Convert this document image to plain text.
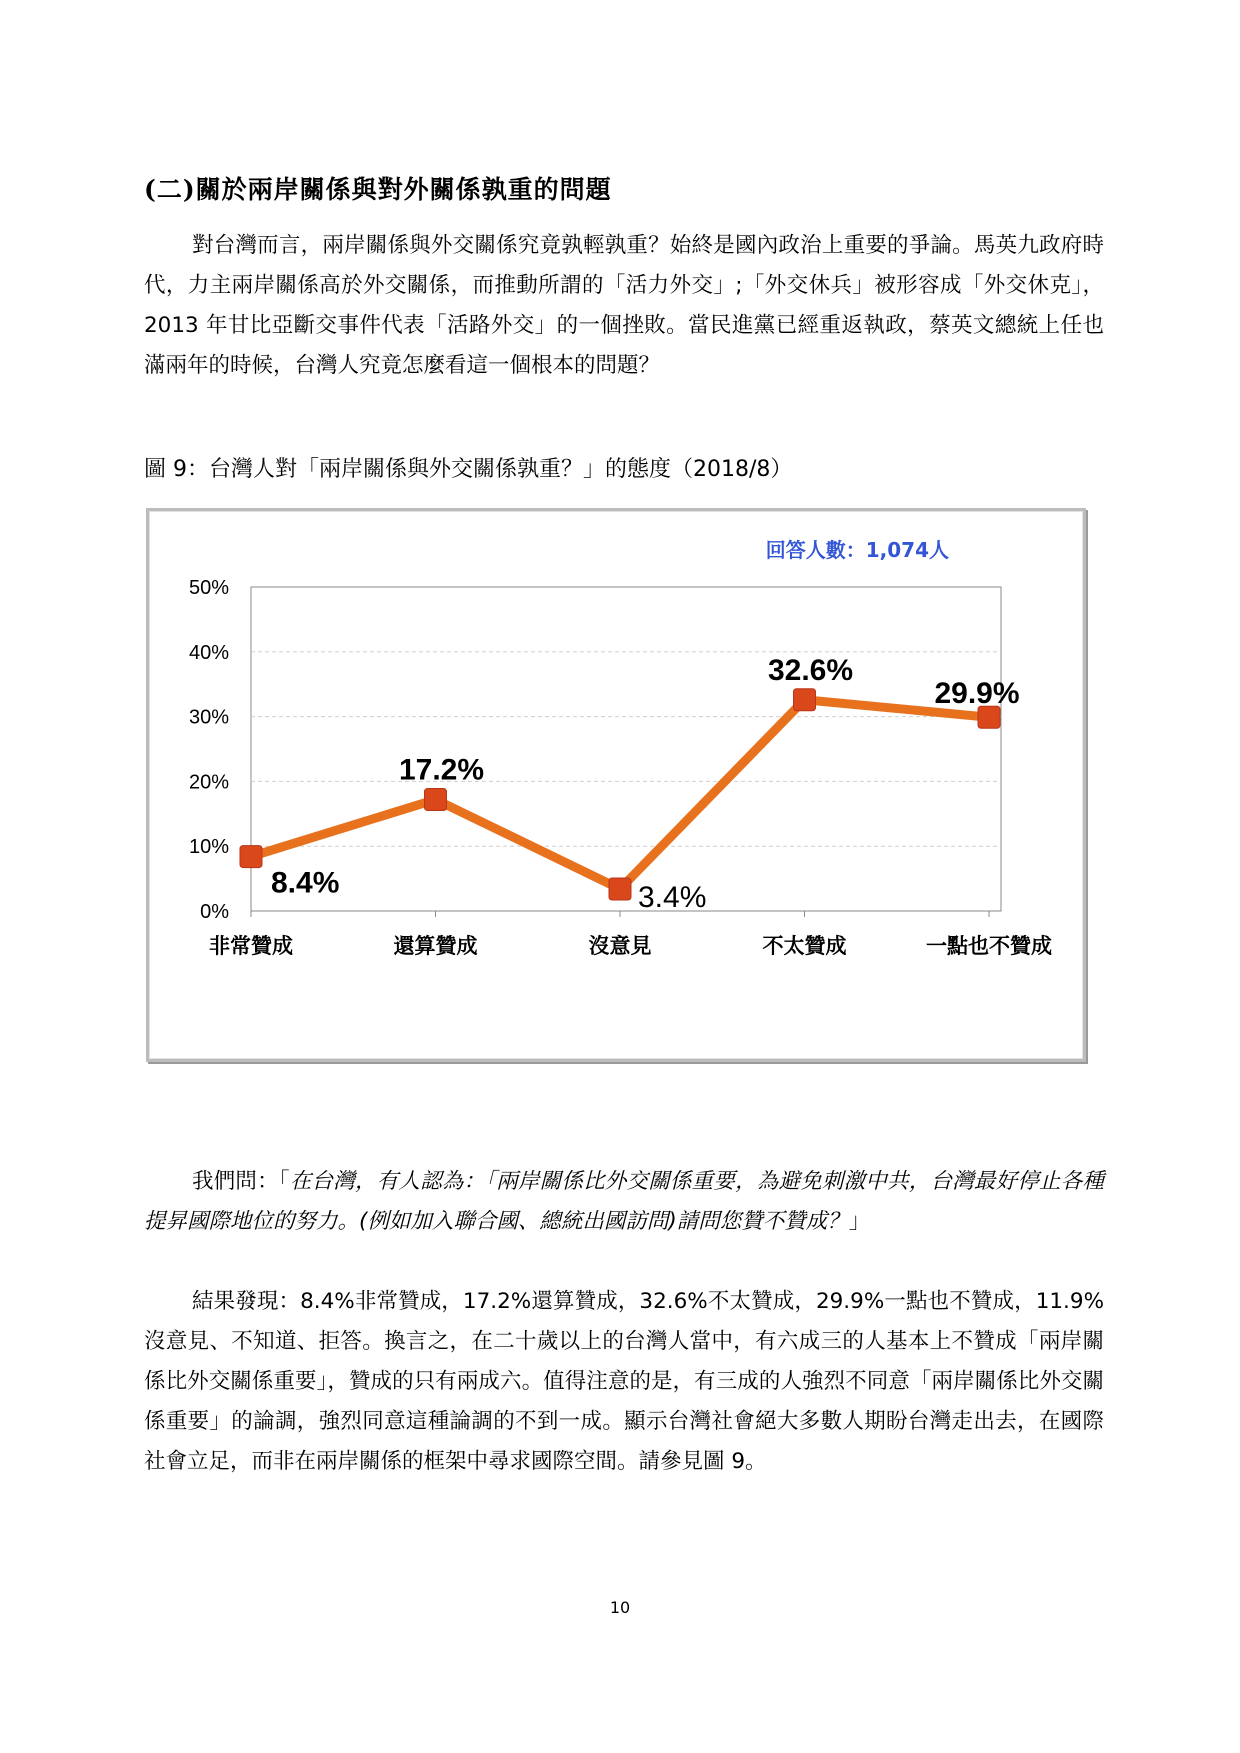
(二)關於兩岸關係與對外關係孰重的問題
對台灣而言，兩岸關係與外交關係究竟孰輕孰重？始終是國內政治上重要的爭論。馬英九政府時代，力主兩岸關係高於外交關係，而推動所謂的「活力外交」;「外交休兵」被形容成「外交休克」，2013 年甘比亞斷交事件代表「活路外交」的一個挫敗。當民進黨已經重返執政，蔡英文總統上任也滿兩年的時候，台灣人究竟怎麼看這一個根本的問題？
圖 9：台灣人對「兩岸關係與外交關係孰重？」的態度（2018/8）
0%
10%
20%
30%
40%
50%
非常贊成	還算贊成	沒意見	不太贊成	一點也不贊成
8.4%
17.2%
3.4%
32.6%
29.9%
回答人數：1,074人
我們問：「在台灣，有人認為：「兩岸關係比外交關係重要，為避免刺激中共，台灣最好停止各種提昇國際地位的努力。(例如加入聯合國、總統出國訪問)請問您贊不贊成？」
結果發現：8.4%非常贊成，17.2%還算贊成，32.6%不太贊成，29.9%一點也不贊成，11.9%沒意見、不知道、拒答。換言之，在二十歲以上的台灣人當中，有六成三的人基本上不贊成「兩岸關係比外交關係重要」，贊成的只有兩成六。值得注意的是，有三成的人強烈不同意「兩岸關係比外交關係重要」的論調，強烈同意這種論調的不到一成。顯示台灣社會絕大多數人期盼台灣走出去，在國際社會立足，而非在兩岸關係的框架中尋求國際空間。請參見圖 9。
10
